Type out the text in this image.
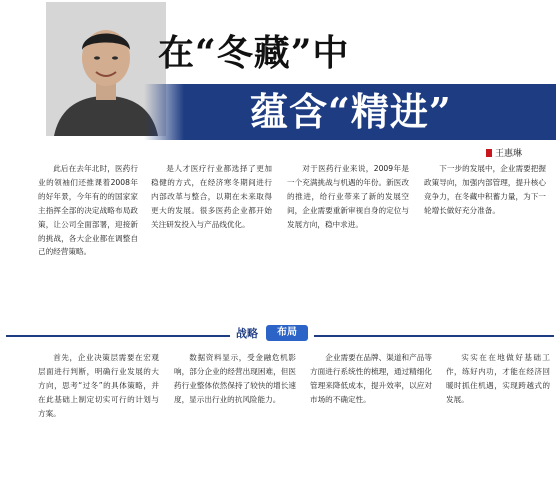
在“冬藏”中
蕴含“精进”
王惠琳

此后在去年北时，医药行业的领袖们还推课着2008年的好年景，今年有的的国家家主指挥全部的决定战略布局政策，让公司全面部署，迎接新的挑战，各大企业都在调整自己的经营策略。

是人才医疗行业都选择了更加稳健的方式，在经济寒冬期间进行内部改革与整合，以期在未来取得更大的发展。很多医药企业都开始关注研发投入与产品线优化。

对于医药行业来说，2009年是一个充满挑战与机遇的年份。新医改的推进，给行业带来了新的发展空间，企业需要重新审视自身的定位与发展方向，稳中求进。

下一步的发展中，企业需要把握政策导向，加强内部管理，提升核心竞争力，在冬藏中积蓄力量，为下一轮增长做好充分准备。

战略	布局

首先，企业决策层需要在宏观层面进行判断，明确行业发展的大方向，思考“过冬”的具体策略，并在此基础上制定切实可行的计划与方案。

数据资料显示，受金融危机影响，部分企业的经营出现困难，但医药行业整体依然保持了较快的增长速度，显示出行业的抗风险能力。

企业需要在品牌、渠道和产品等方面进行系统性的梳理，通过精细化管理来降低成本，提升效率，以应对市场的不确定性。

实实在在地做好基础工作，练好内功，才能在经济回暖时抓住机遇，实现跨越式的发展。
